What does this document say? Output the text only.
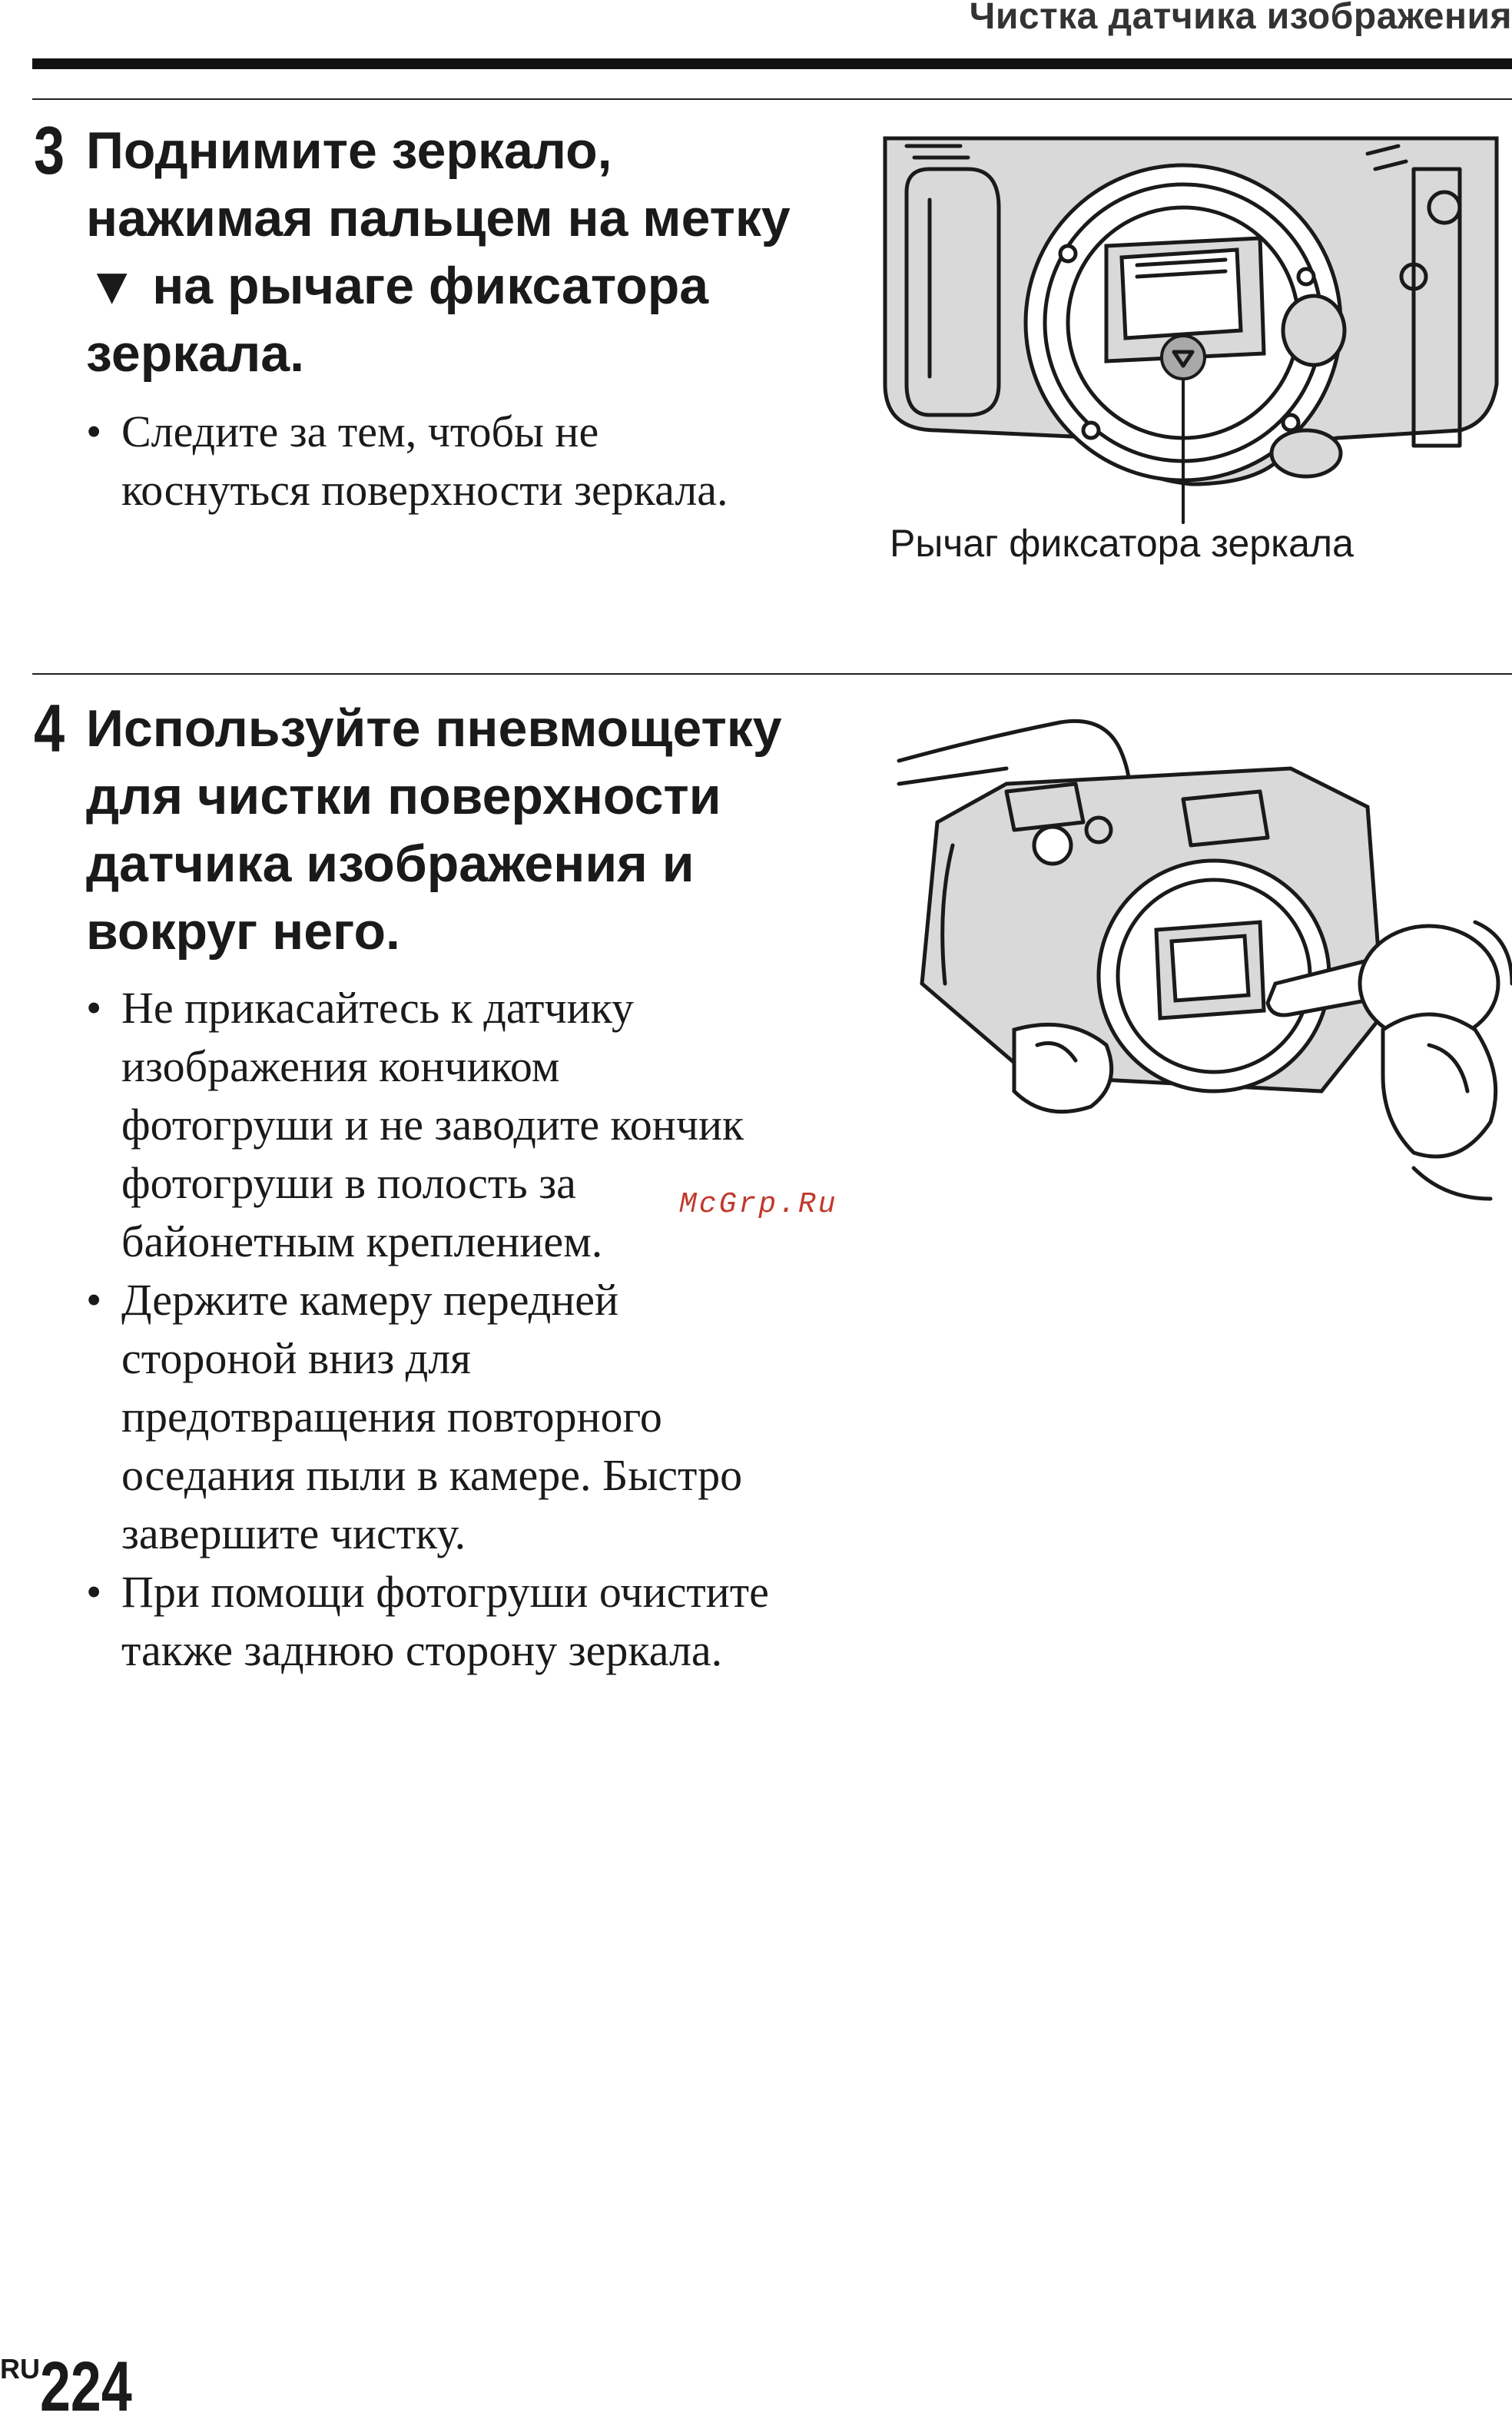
Чистка датчика изображения
3 Поднимите зеркало,

нажимая пальцем на метку

▼ на рычаге фиксатора

зеркала.

• Следите за тем, чтобы не
коснуться поверхности зеркала.
Рычаг фиксатора зеркала
4 Используйте пневмощетку

для чистки поверхности

датчика изображения и

вокруг него.

• Не прикасайтесь к датчику
изображения кончиком
фотогруши и не заводите кончик
фотогруши в полость за
байонетным креплением.
• Держите камеру передней
стороной вниз для
предотвращения повторного
оседания пыли в камере. Быстро
завершите чистку.
• При помощи фотогруши очистите
также заднюю сторону зеркала.
McGrp.Ru
RU 224
